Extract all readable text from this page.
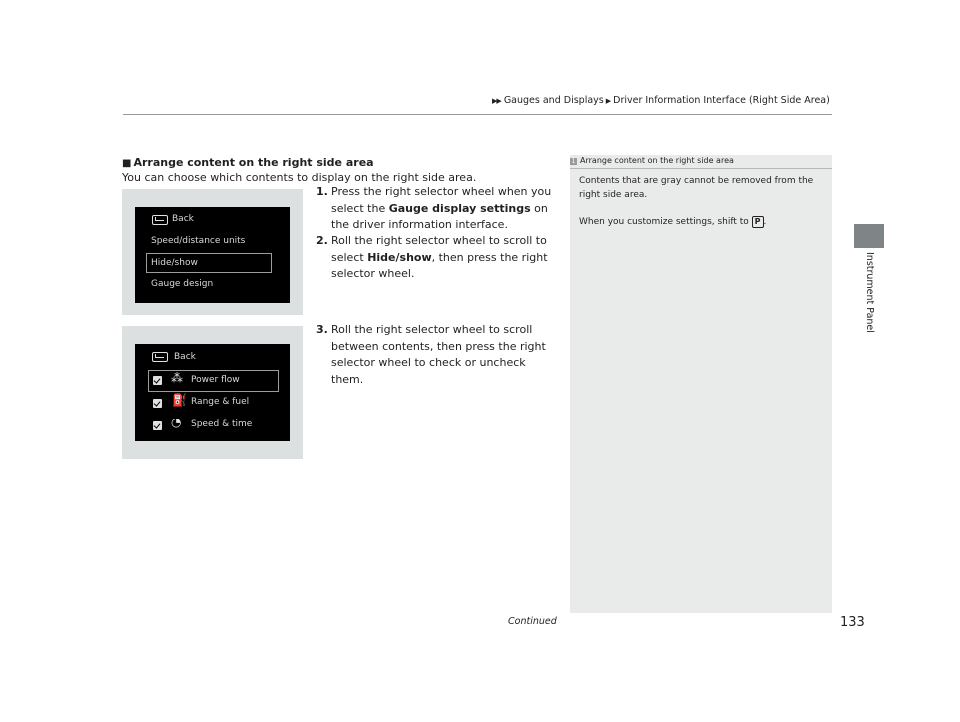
▶▶ Gauges and Displays ▶ Driver Information Interface (Right Side Area)
Instrument Panel
■ Arrange content on the right side area
You can choose which contents to display on the right side area.
1. Press the right selector wheel when you select the Gauge display settings on the driver information interface.
2. Roll the right selector wheel to scroll to select Hide/show, then press the right selector wheel.
3. Roll the right selector wheel to scroll between contents, then press the right selector wheel to check or uncheck them.
Back
Speed/distance units
Hide/show
Gauge design
Back
⁂ Power flow
⛽ Range & fuel
◔ Speed & time
1 Arrange content on the right side area
Contents that are gray cannot be removed from the right side area.
When you customize settings, shift to P .
Continued	133
